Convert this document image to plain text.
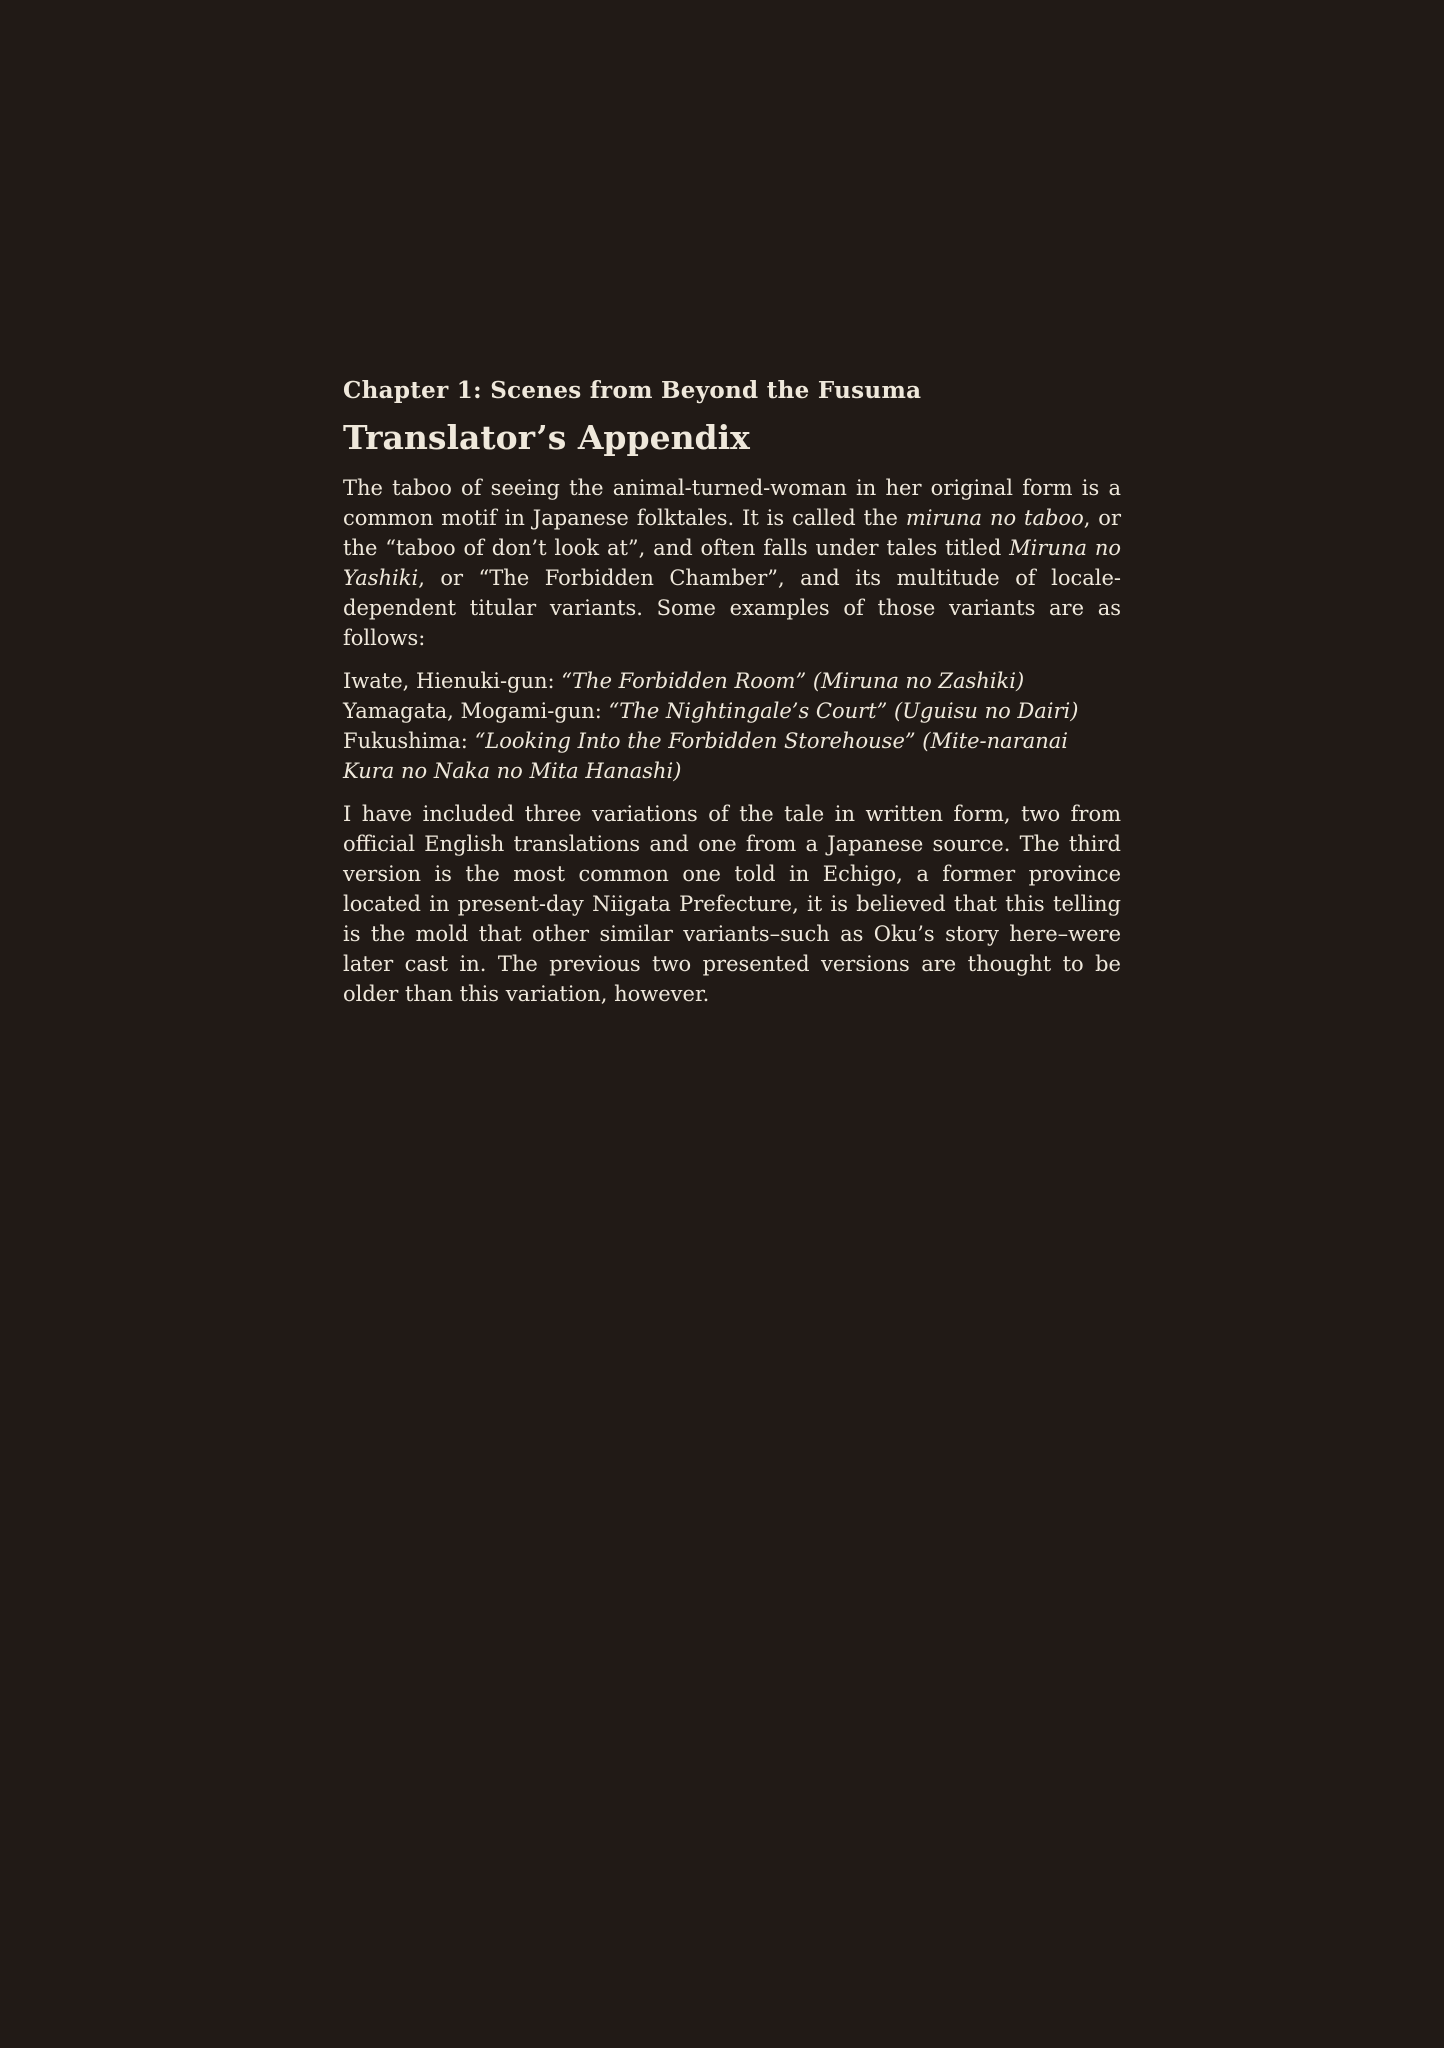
Chapter 1: Scenes from Beyond the Fusuma
Translator’s Appendix

The taboo of seeing the animal-turned-woman in her original form is a common motif in Japanese folktales. It is called the miruna no taboo, or the “taboo of don’t look at”, and often falls under tales titled Miruna no Yashiki, or “The Forbidden Chamber”, and its multitude of locale-dependent titular variants. Some examples of those variants are as follows:

Iwate, Hienuki-gun: “The Forbidden Room” (Miruna no Zashiki)
Yamagata, Mogami-gun: “The Nightingale’s Court” (Uguisu no Dairi)
Fukushima: “Looking Into the Forbidden Storehouse” (Mite-naranai Kura no Naka no Mita Hanashi)

I have included three variations of the tale in written form, two from official English translations and one from a Japanese source. The third version is the most common one told in Echigo, a former province located in present-day Niigata Prefecture, it is believed that this telling is the mold that other similar variants–such as Oku’s story here–were later cast in. The previous two presented versions are thought to be older than this variation, however.
